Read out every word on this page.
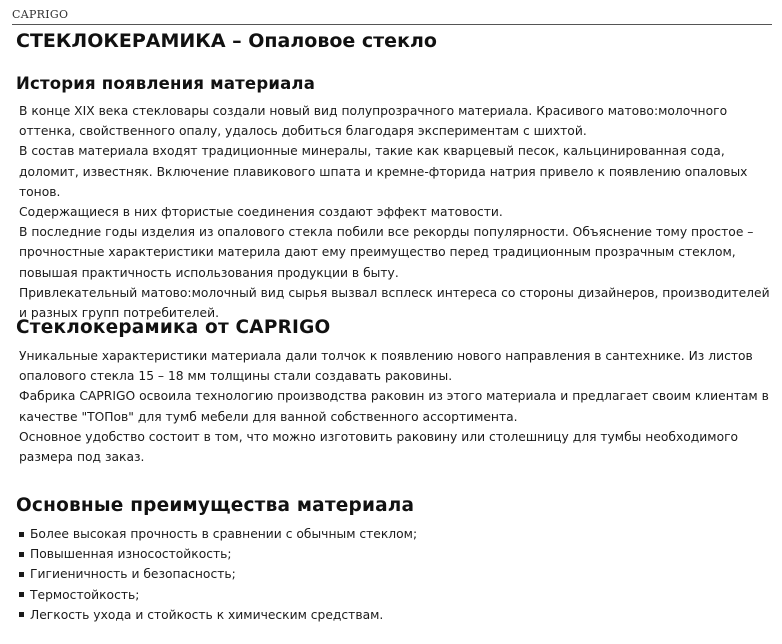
CAPRIGO
СТЕКЛОКЕРАМИКА – Опаловое стекло
История появления материала

В конце XIX века стекловары создали новый вид полупрозрачного материала. Красивого матово:молочного оттенка, свойственного опалу, удалось добиться благодаря экспериментам с шихтой.

В состав материала входят традиционные минералы, такие как кварцевый песок, кальцинированная сода, доломит, известняк. Включение плавикового шпата и кремне-фторида натрия привело к появлению опаловых тонов.

Содержащиеся в них фтористые соединения создают эффект матовости.

В последние годы изделия из опалового стекла побили все рекорды популярности. Объяснение тому простое – прочностные характеристики материла дают ему преимущество перед традиционным прозрачным стеклом, повышая практичность использования продукции в быту.

Привлекательный матово:молочный вид сырья вызвал всплеск интереса со стороны дизайнеров, производителей и разных групп потребителей.

Стеклокерамика от CAPRIGO

Уникальные характеристики материала дали толчок к появлению нового направления в сантехнике. Из листов опалового стекла 15 – 18 мм толщины стали создавать раковины.

Фабрика CAPRIGO освоила технологию производства раковин из этого материала и предлагает своим клиентам в качестве "ТОПов" для тумб мебели для ванной собственного ассортимента.

Основное удобство состоит в том, что можно изготовить раковину или столешницу для тумбы необходимого размера под заказ.

Основные преимущества материала
Более высокая прочность в сравнении с обычным стеклом;
Повышенная износостойкость;
Гигиеничность и безопасность;
Термостойкость;
Легкость ухода и стойкость к химическим средствам.
